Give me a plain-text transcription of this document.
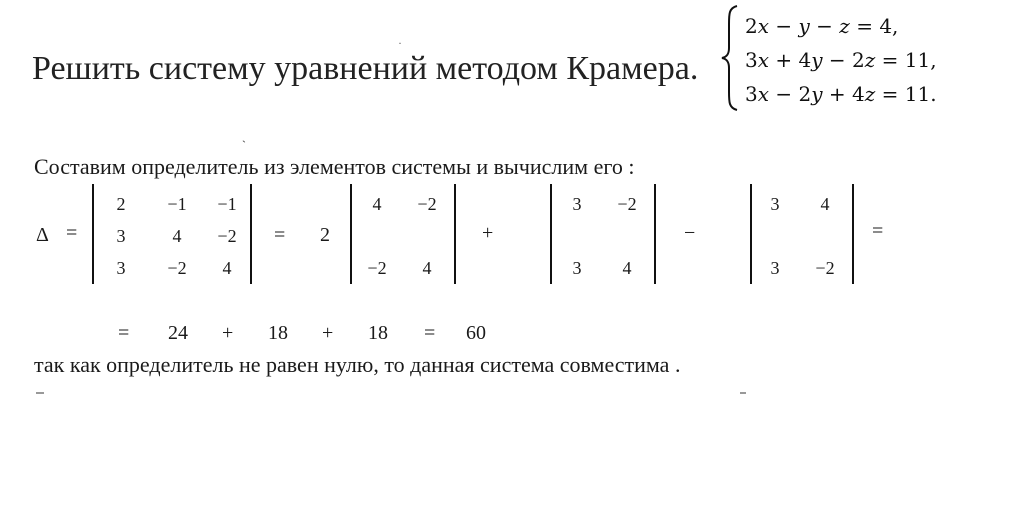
Решить систему уравнений методом Крамера.
2x − y − z = 4,
3x + 4y − 2z = 11,
3x − 2y + 4z = 11.
·
ˋ
Составим определитель из элементов системы и вычислим его :
Δ =
2	−1	−1
3	4	−2
3	−2	4
= 2
4	−2
−2	4
+
3	−2
3	4
−
3	4
3	−2
=
= 24 + 18 + 18 = 60
так как определитель не равен нулю, то данная система совместима .
